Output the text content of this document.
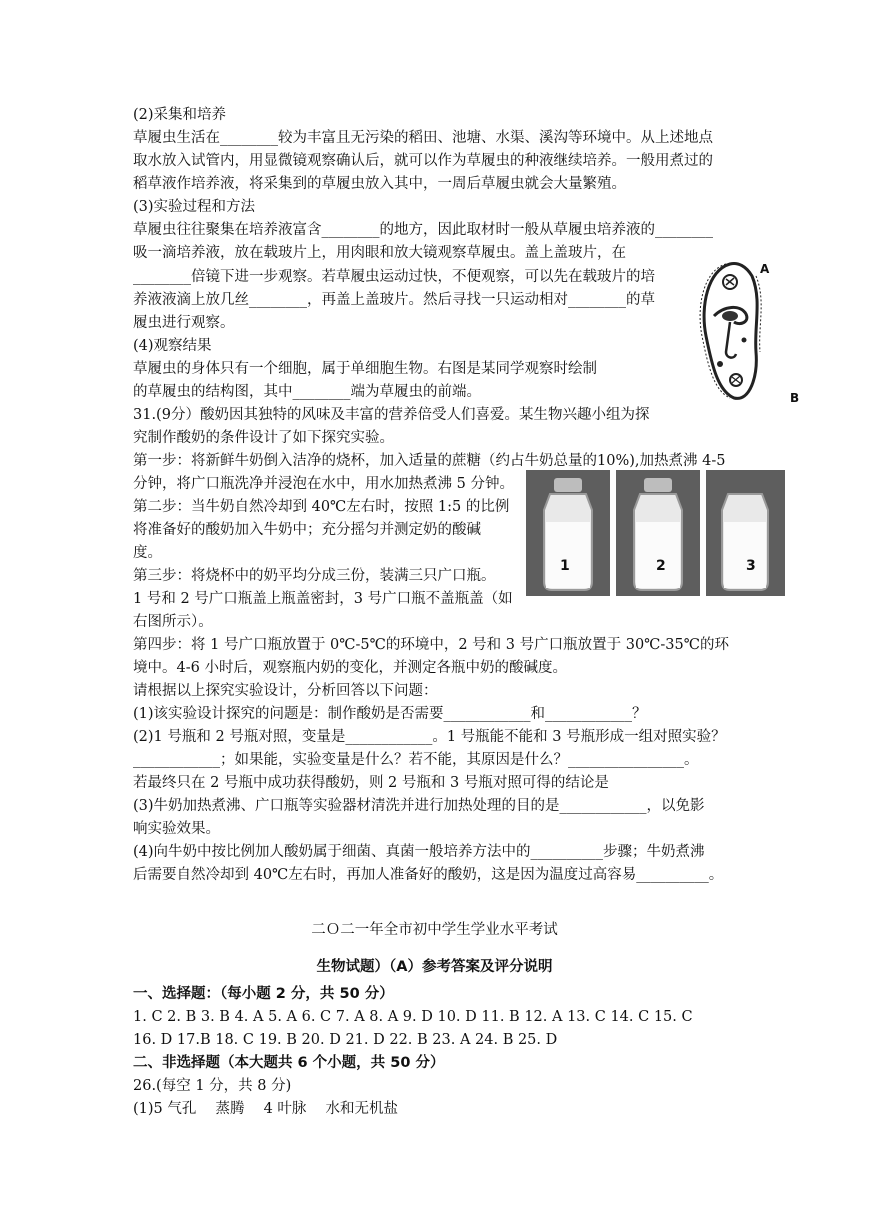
(2)采集和培养
草履虫生活在________较为丰富且无污染的稻田、池塘、水渠、溪沟等环境中。从上述地点
取水放入试管内，用显微镜观察确认后，就可以作为草履虫的种液继续培养。一般用煮过的
稻草液作培养液，将采集到的草履虫放入其中，一周后草履虫就会大量繁殖。
(3)实验过程和方法
草履虫往往聚集在培养液富含________的地方，因此取材时一般从草履虫培养液的________
吸一滴培养液，放在载玻片上，用肉眼和放大镜观察草履虫。盖上盖玻片，在
________倍镜下进一步观察。若草履虫运动过快，不便观察，可以先在载玻片的培
养液液滴上放几丝________，再盖上盖玻片。然后寻找一只运动相对________的草
履虫进行观察。
(4)观察结果
草履虫的身体只有一个细胞，属于单细胞生物。右图是某同学观察时绘制
的草履虫的结构图，其中________端为草履虫的前端。
A
B
31.(9分）酸奶因其独特的风味及丰富的营养倍受人们喜爱。某生物兴趣小组为探
究制作酸奶的条件设计了如下探究实验。
第一步：将新鲜牛奶倒入洁净的烧杯，加入适量的蔗糖（约占牛奶总量的10%),加热煮沸 4-5
分钟，将广口瓶洗净并浸泡在水中，用水加热煮沸 5 分钟。
第二步：当牛奶自然冷却到 40℃左右时，按照 1:5 的比例
将准备好的酸奶加入牛奶中；充分摇匀并测定奶的酸碱
度。
第三步：将烧杯中的奶平均分成三份，装满三只广口瓶。
1 号和 2 号广口瓶盖上瓶盖密封，3 号广口瓶不盖瓶盖（如
右图所示）。
1	2	3
第四步：将 1 号广口瓶放置于 0℃-5℃的环境中，2 号和 3 号广口瓶放置于 30℃-35℃的环
境中。4-6 小时后，观察瓶内奶的变化，并测定各瓶中奶的酸碱度。
请根据以上探究实验设计，分析回答以下问题：
(1)该实验设计探究的问题是：制作酸奶是否需要____________和____________？
(2)1 号瓶和 2 号瓶对照，变量是____________。1 号瓶能不能和 3 号瓶形成一组对照实验？
____________；如果能，实验变量是什么？若不能，其原因是什么？________________。
若最终只在 2 号瓶中成功获得酸奶，则 2 号瓶和 3 号瓶对照可得的结论是
(3)牛奶加热煮沸、广口瓶等实验器材清洗并进行加热处理的目的是____________，以免影
响实验效果。
(4)向牛奶中按比例加人酸奶属于细菌、真菌一般培养方法中的__________步骤；牛奶煮沸
后需要自然冷却到 40℃左右时，再加人准备好的酸奶，这是因为温度过高容易__________。
二Ｏ二一年全市初中学生学业水平考试
生物试题）（A）参考答案及评分说明
一、选择题：（每小题 2 分，共 50 分）
1. C 2. B 3. B 4. A 5. A 6. C 7. A 8. A 9. D 10. D 11. B 12. A 13. C 14. C 15. C
16. D 17.B 18. C 19. B 20. D 21. D 22. B 23. A 24. B 25. D
二、非选择题（本大题共 6 个小题，共 50 分）
26.(每空 1 分，共 8 分)
(1)5 气孔　 蒸腾　 4 叶脉　 水和无机盐
